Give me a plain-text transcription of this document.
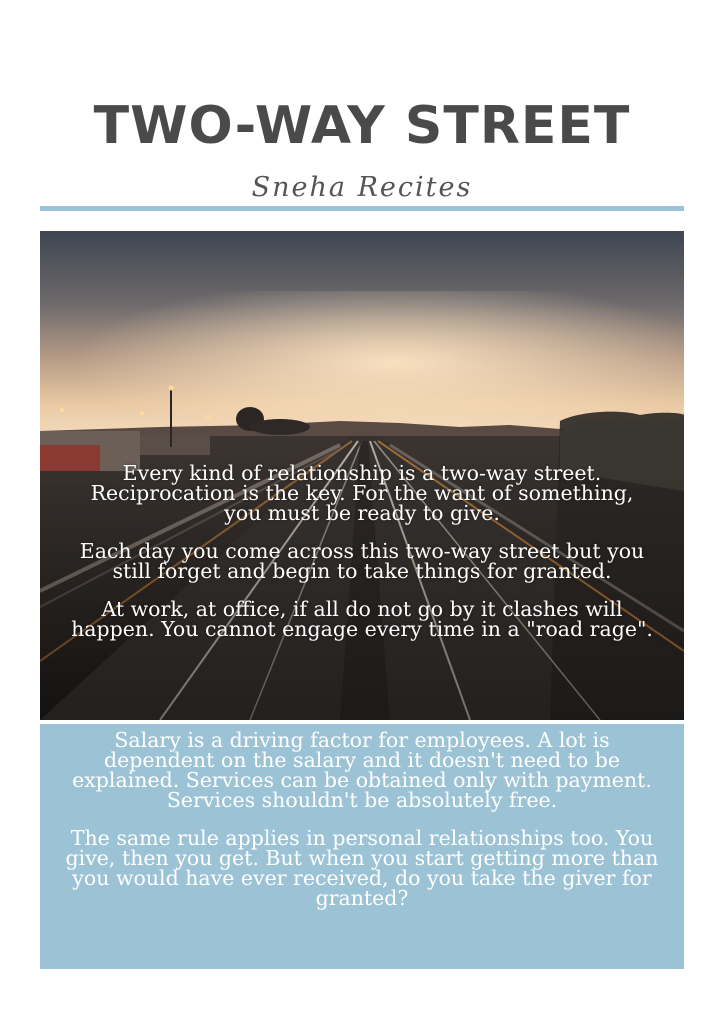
TWO-WAY STREET
Sneha Recites

Every kind of relationship is a two-way street. Reciprocation is the key. For the want of something, you must be ready to give.

Each day you come across this two-way street but you still forget and begin to take things for granted.

At work, at office, if all do not go by it clashes will happen. You cannot engage every time in a "road rage".

Salary is a driving factor for employees. A lot is dependent on the salary and it doesn't need to be explained. Services can be obtained only with payment. Services shouldn't be absolutely free.

The same rule applies in personal relationships too. You give, then you get. But when you start getting more than you would have ever received, do you take the giver for granted?
